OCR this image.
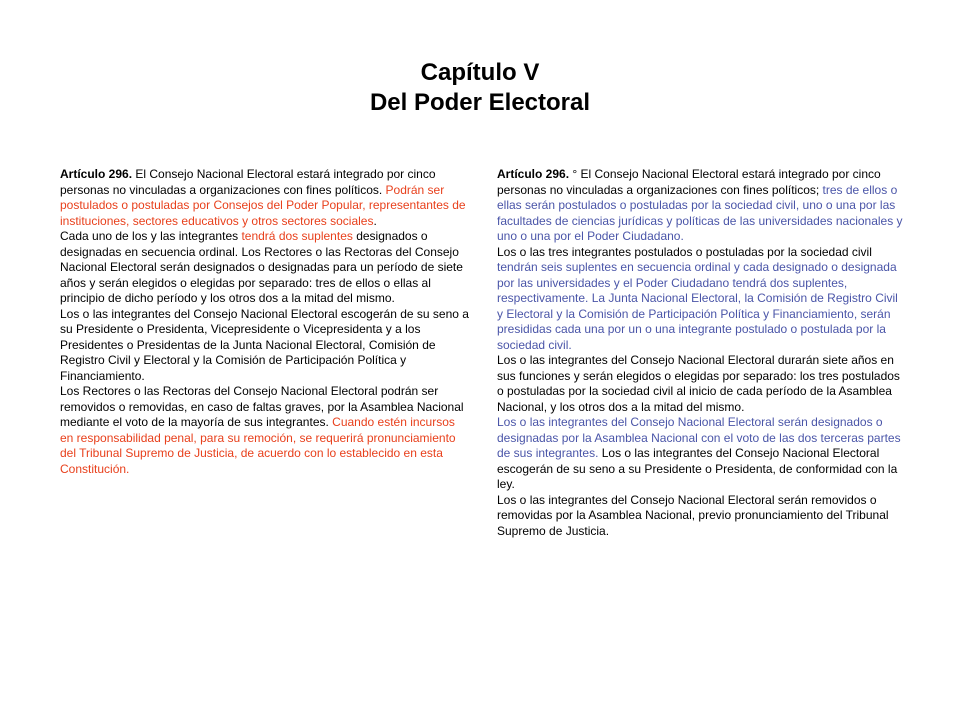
Capítulo V
Del Poder Electoral

Artículo 296. El Consejo Nacional Electoral estará integrado por cinco personas no vinculadas a organizaciones con fines políticos. Podrán ser postulados o postuladas por Consejos del Poder Popular, representantes de instituciones, sectores educativos y otros sectores sociales.

Cada uno de los y las integrantes tendrá dos suplentes designados o designadas en secuencia ordinal. Los Rectores o las Rectoras del Consejo Nacional Electoral serán designados o designadas para un período de siete años y serán elegidos o elegidas por separado: tres de ellos o ellas al principio de dicho período y los otros dos a la mitad del mismo.

Los o las integrantes del Consejo Nacional Electoral escogerán de su seno a su Presidente o Presidenta, Vicepresidente o Vicepresidenta y a los Presidentes o Presidentas de la Junta Nacional Electoral, Comisión de Registro Civil y Electoral y la Comisión de Participación Política y Financiamiento.

Los Rectores o las Rectoras del Consejo Nacional Electoral podrán ser removidos o removidas, en caso de faltas graves, por la Asamblea Nacional mediante el voto de la mayoría de sus integrantes. Cuando estén incursos en responsabilidad penal, para su remoción, se requerirá pronunciamiento del Tribunal Supremo de Justicia, de acuerdo con lo establecido en esta Constitución.

Artículo 296. ° El Consejo Nacional Electoral estará integrado por cinco personas no vinculadas a organizaciones con fines políticos; tres de ellos o ellas serán postulados o postuladas por la sociedad civil, uno o una por las facultades de ciencias jurídicas y políticas de las universidades nacionales y uno o una por el Poder Ciudadano.

Los o las tres integrantes postulados o postuladas por la sociedad civil tendrán seis suplentes en secuencia ordinal y cada designado o designada por las universidades y el Poder Ciudadano tendrá dos suplentes, respectivamente. La Junta Nacional Electoral, la Comisión de Registro Civil y Electoral y la Comisión de Participación Política y Financiamiento, serán presididas cada una por un o una integrante postulado o postulada por la sociedad civil.

Los o las integrantes del Consejo Nacional Electoral durarán siete años en sus funciones y serán elegidos o elegidas por separado: los tres postulados o postuladas por la sociedad civil al inicio de cada período de la Asamblea Nacional, y los otros dos a la mitad del mismo.

Los o las integrantes del Consejo Nacional Electoral serán designados o designadas por la Asamblea Nacional con el voto de las dos terceras partes de sus integrantes. Los o las integrantes del Consejo Nacional Electoral escogerán de su seno a su Presidente o Presidenta, de conformidad con la ley.

Los o las integrantes del Consejo Nacional Electoral serán removidos o removidas por la Asamblea Nacional, previo pronunciamiento del Tribunal Supremo de Justicia.
